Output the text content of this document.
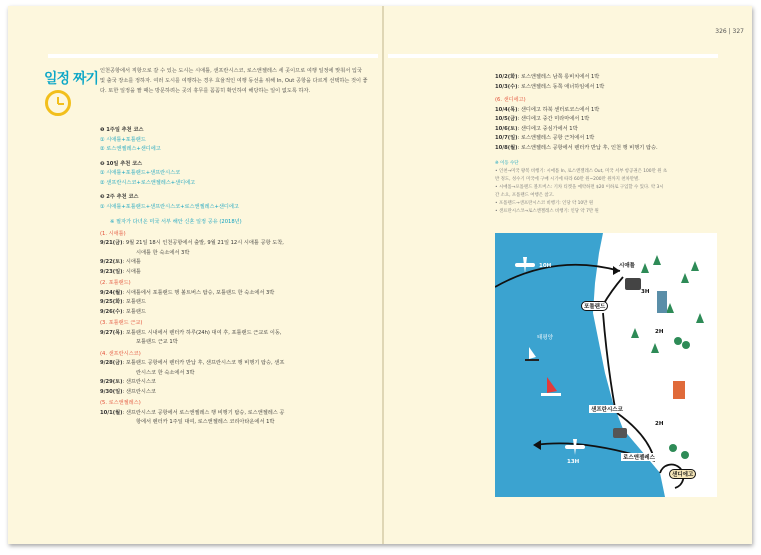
326 | 327
일정 짜기 인천공항에서 직항으로 갈 수 있는 도시는 시애틀, 샌프란시스코, 로스앤젤레스 세 곳이므로 여행 일정에 맞춰서 입국 및 출국 장소를 정하자. 여러 도시를 여행하는 경우 효율적인 여행 동선을 위해 In, Out 공항을 다르게 선택하는 것이 좋다. 또한 일정을 짤 때는 방문하려는 곳의 휴무를 꼼꼼히 확인하여 해당하는 일이 없도록 하자.
❶ 1주일 추천 코스
① 시애틀+포틀랜드
② 로스앤젤레스+샌디에고
❷ 10일 추천 코스
① 시애틀+포틀랜드+샌프란시스코
② 샌프란시스코+로스앤젤레스+샌디에고
❸ 2주 추천 코스
① 시애틀+포틀랜드+샌프란시스코+로스앤젤레스+샌디에고
※ 필자가 다녀온 미국 서부 해안 신혼 일정 공유 (2018년)
(1. 시애틀)
9/21(금) : 9월 21일 18시 인천공항에서 출발, 9월 21일 12시 시애틀 공항 도착,
시애틀 한 숙소에서 3박
9/22(토) : 시애틀
9/23(일) : 시애틀
(2. 포틀랜드)
9/24(월) : 시애틀에서 포틀랜드 행 볼트버스 탑승, 포틀랜드 한 숙소에서 3박
9/25(화) : 포틀랜드
9/26(수) : 포틀랜드
(3. 포틀랜드 근교)
9/27(목) : 포틀랜드 시내에서 렌터카 하루(24h) 대여 후, 포틀랜드 근교로 이동,
포틀랜드 근교 1박
(4. 샌프란시스코)
9/28(금) : 포틀랜드 공항에서 렌터카 반납 후, 샌프란시스코 행 비행기 탑승, 샌프
란시스코 한 숙소에서 3박
9/29(토) : 샌프란시스코
9/30(일) : 샌프란시스코
(5. 로스앤젤레스)
10/1(월) : 샌프란시스코 공항에서 로스앤젤레스 행 비행기 탑승, 로스앤젤레스 공
항에서 렌터카 1주일 대여, 로스앤젤레스 코리아타운에서 1박
10/2(화) : 로스앤젤레스 남쪽 롱비치에서 1박
10/3(수) : 로스앤젤레스 동쪽 애너하임에서 1박
(6. 샌디에고)
10/4(목) : 샌디에고 하북 센터로코스에서 1박
10/5(금) : 샌디에고 중간 미라마에서 1박
10/6(토) : 샌디에고 중심가에서 1박
10/7(일) : 로스앤젤레스 공항 근처에서 1박
10/8(월) : 로스앤젤레스 공항에서 렌터카 반납 후, 인천 행 비행기 탑승.
※ 이동 수단
• 인천→미국 왕복 비행기: 시애틀 In, 로스앤젤레스 Out, 미국 서부 항공권은 100만 원 초
반 정도, 성수기 미국에 구매 시기에 따라 60만 원~200만 원까지 천차만별.
• 시애틀→포틀랜드 볼트버스: 기차 티켓을 예약하면 $20 이하로 구입할 수 있다. 약 3시
간 소요, 포틀랜드 여행은 참고.
• 포틀랜드→샌프란시스코 비행기: 인당 약 10만 원
• 샌프란시스코→로스앤젤레스 비행기: 인당 약 7만 원
10H	시애틀
포틀랜드
3H
2H
태평양
샌프란시스코
2H
로스앤젤레스
13H
샌디에고
